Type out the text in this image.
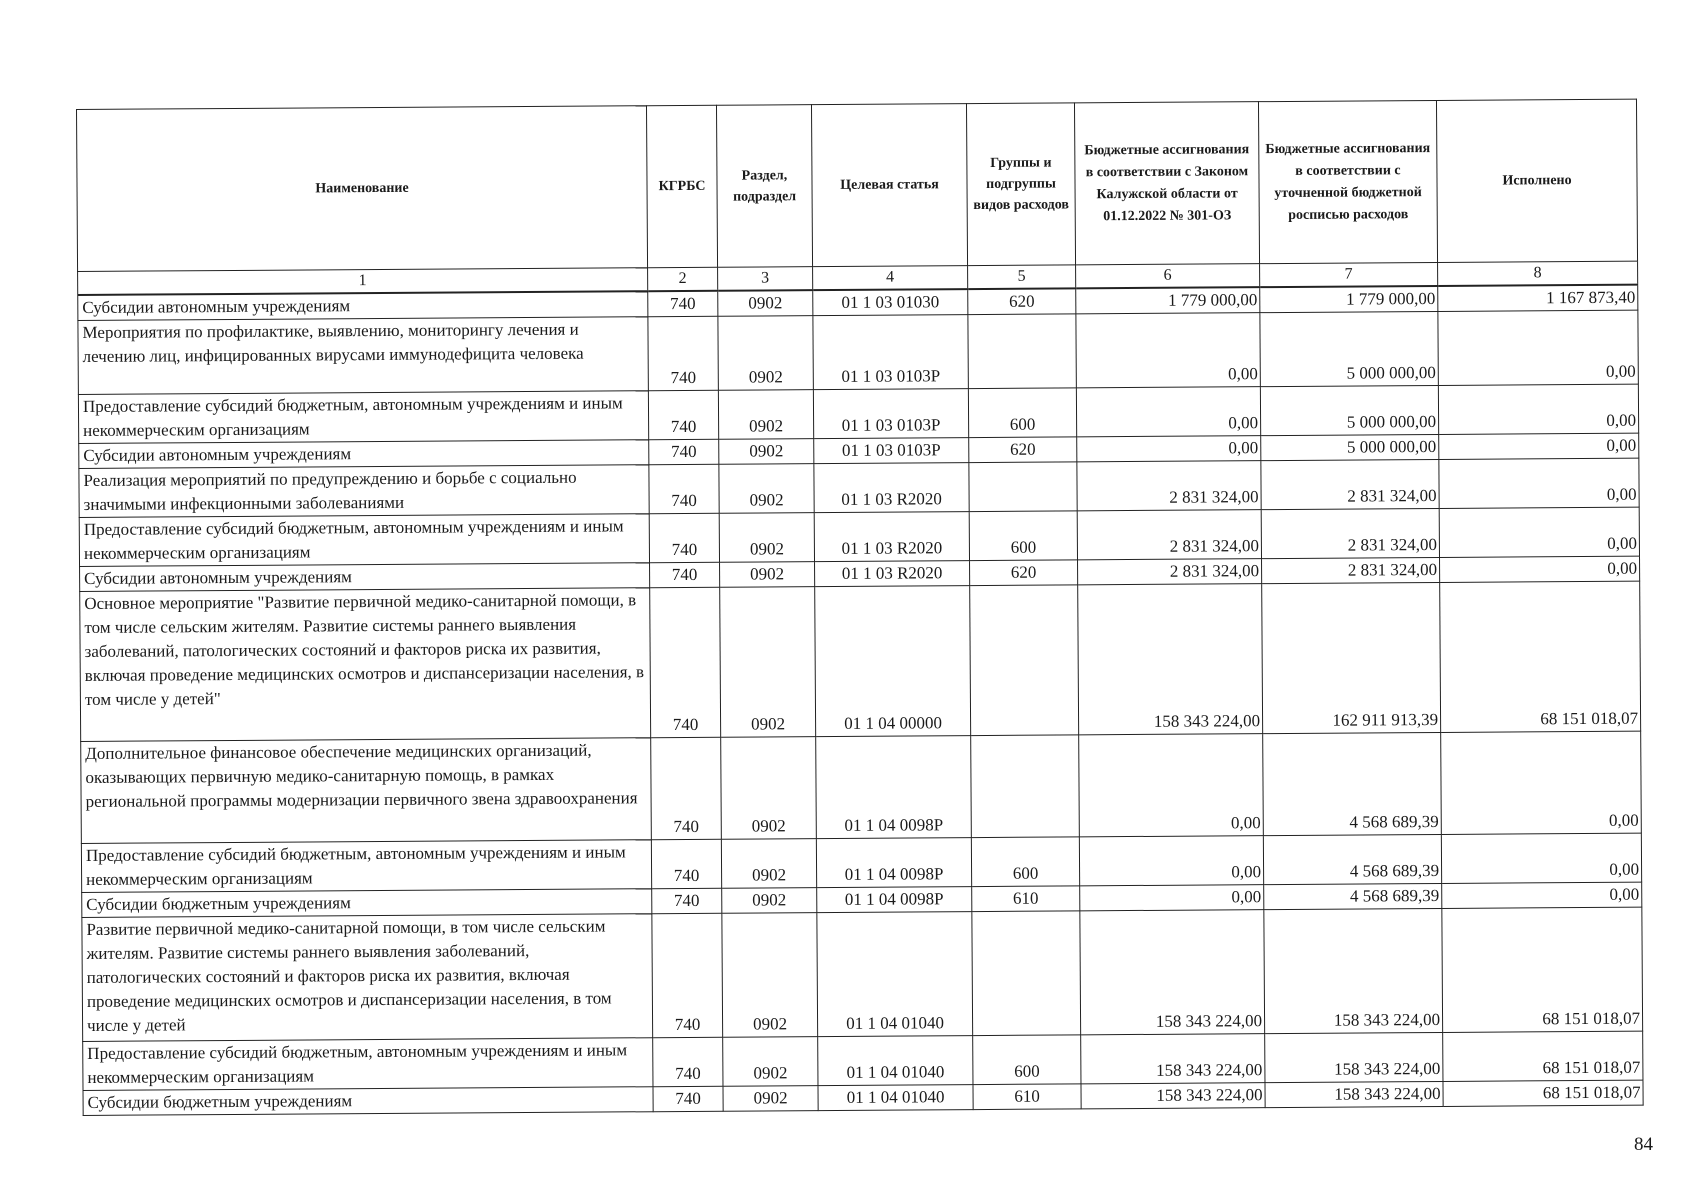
Наименование	КГРБС	Раздел, подраздел	Целевая статья	Группы и подгруппы видов расходов	Бюджетные ассигнования в соответствии с Законом Калужской области от 01.12.2022 № 301-ОЗ	Бюджетные ассигнования в соответствии с уточненной бюджетной росписью расходов	Исполнено
1	2	3	4	5	6	7	8
Субсидии автономным учреждениям	740	0902	01 1 03 01030	620	1 779 000,00	1 779 000,00	1 167 873,40
Мероприятия по профилактике, выявлению, мониторингу лечения и лечению лиц, инфицированных вирусами иммунодефицита человека	740	0902	01 1 03 0103Р		0,00	5 000 000,00	0,00
Предоставление субсидий бюджетным, автономным учреждениям и иным некоммерческим организациям	740	0902	01 1 03 0103Р	600	0,00	5 000 000,00	0,00
Субсидии автономным учреждениям	740	0902	01 1 03 0103Р	620	0,00	5 000 000,00	0,00
Реализация мероприятий по предупреждению и борьбе с социально значимыми инфекционными заболеваниями	740	0902	01 1 03 R2020		2 831 324,00	2 831 324,00	0,00
Предоставление субсидий бюджетным, автономным учреждениям и иным некоммерческим организациям	740	0902	01 1 03 R2020	600	2 831 324,00	2 831 324,00	0,00
Субсидии автономным учреждениям	740	0902	01 1 03 R2020	620	2 831 324,00	2 831 324,00	0,00
Основное мероприятие "Развитие первичной медико-санитарной помощи, в том числе сельским жителям. Развитие системы раннего выявления заболеваний, патологических состояний и факторов риска их развития, включая проведение медицинских осмотров и диспансеризации населения, в том числе у детей"	740	0902	01 1 04 00000		158 343 224,00	162 911 913,39	68 151 018,07
Дополнительное финансовое обеспечение медицинских организаций, оказывающих первичную медико-санитарную помощь, в рамках региональной программы модернизации первичного звена здравоохранения	740	0902	01 1 04 0098Р		0,00	4 568 689,39	0,00
Предоставление субсидий бюджетным, автономным учреждениям и иным некоммерческим организациям	740	0902	01 1 04 0098Р	600	0,00	4 568 689,39	0,00
Субсидии бюджетным учреждениям	740	0902	01 1 04 0098Р	610	0,00	4 568 689,39	0,00
Развитие первичной медико-санитарной помощи, в том числе сельским жителям. Развитие системы раннего выявления заболеваний, патологических состояний и факторов риска их развития, включая проведение медицинских осмотров и диспансеризации населения, в том числе у детей	740	0902	01 1 04 01040		158 343 224,00	158 343 224,00	68 151 018,07
Предоставление субсидий бюджетным, автономным учреждениям и иным некоммерческим организациям	740	0902	01 1 04 01040	600	158 343 224,00	158 343 224,00	68 151 018,07
Субсидии бюджетным учреждениям	740	0902	01 1 04 01040	610	158 343 224,00	158 343 224,00	68 151 018,07
84
